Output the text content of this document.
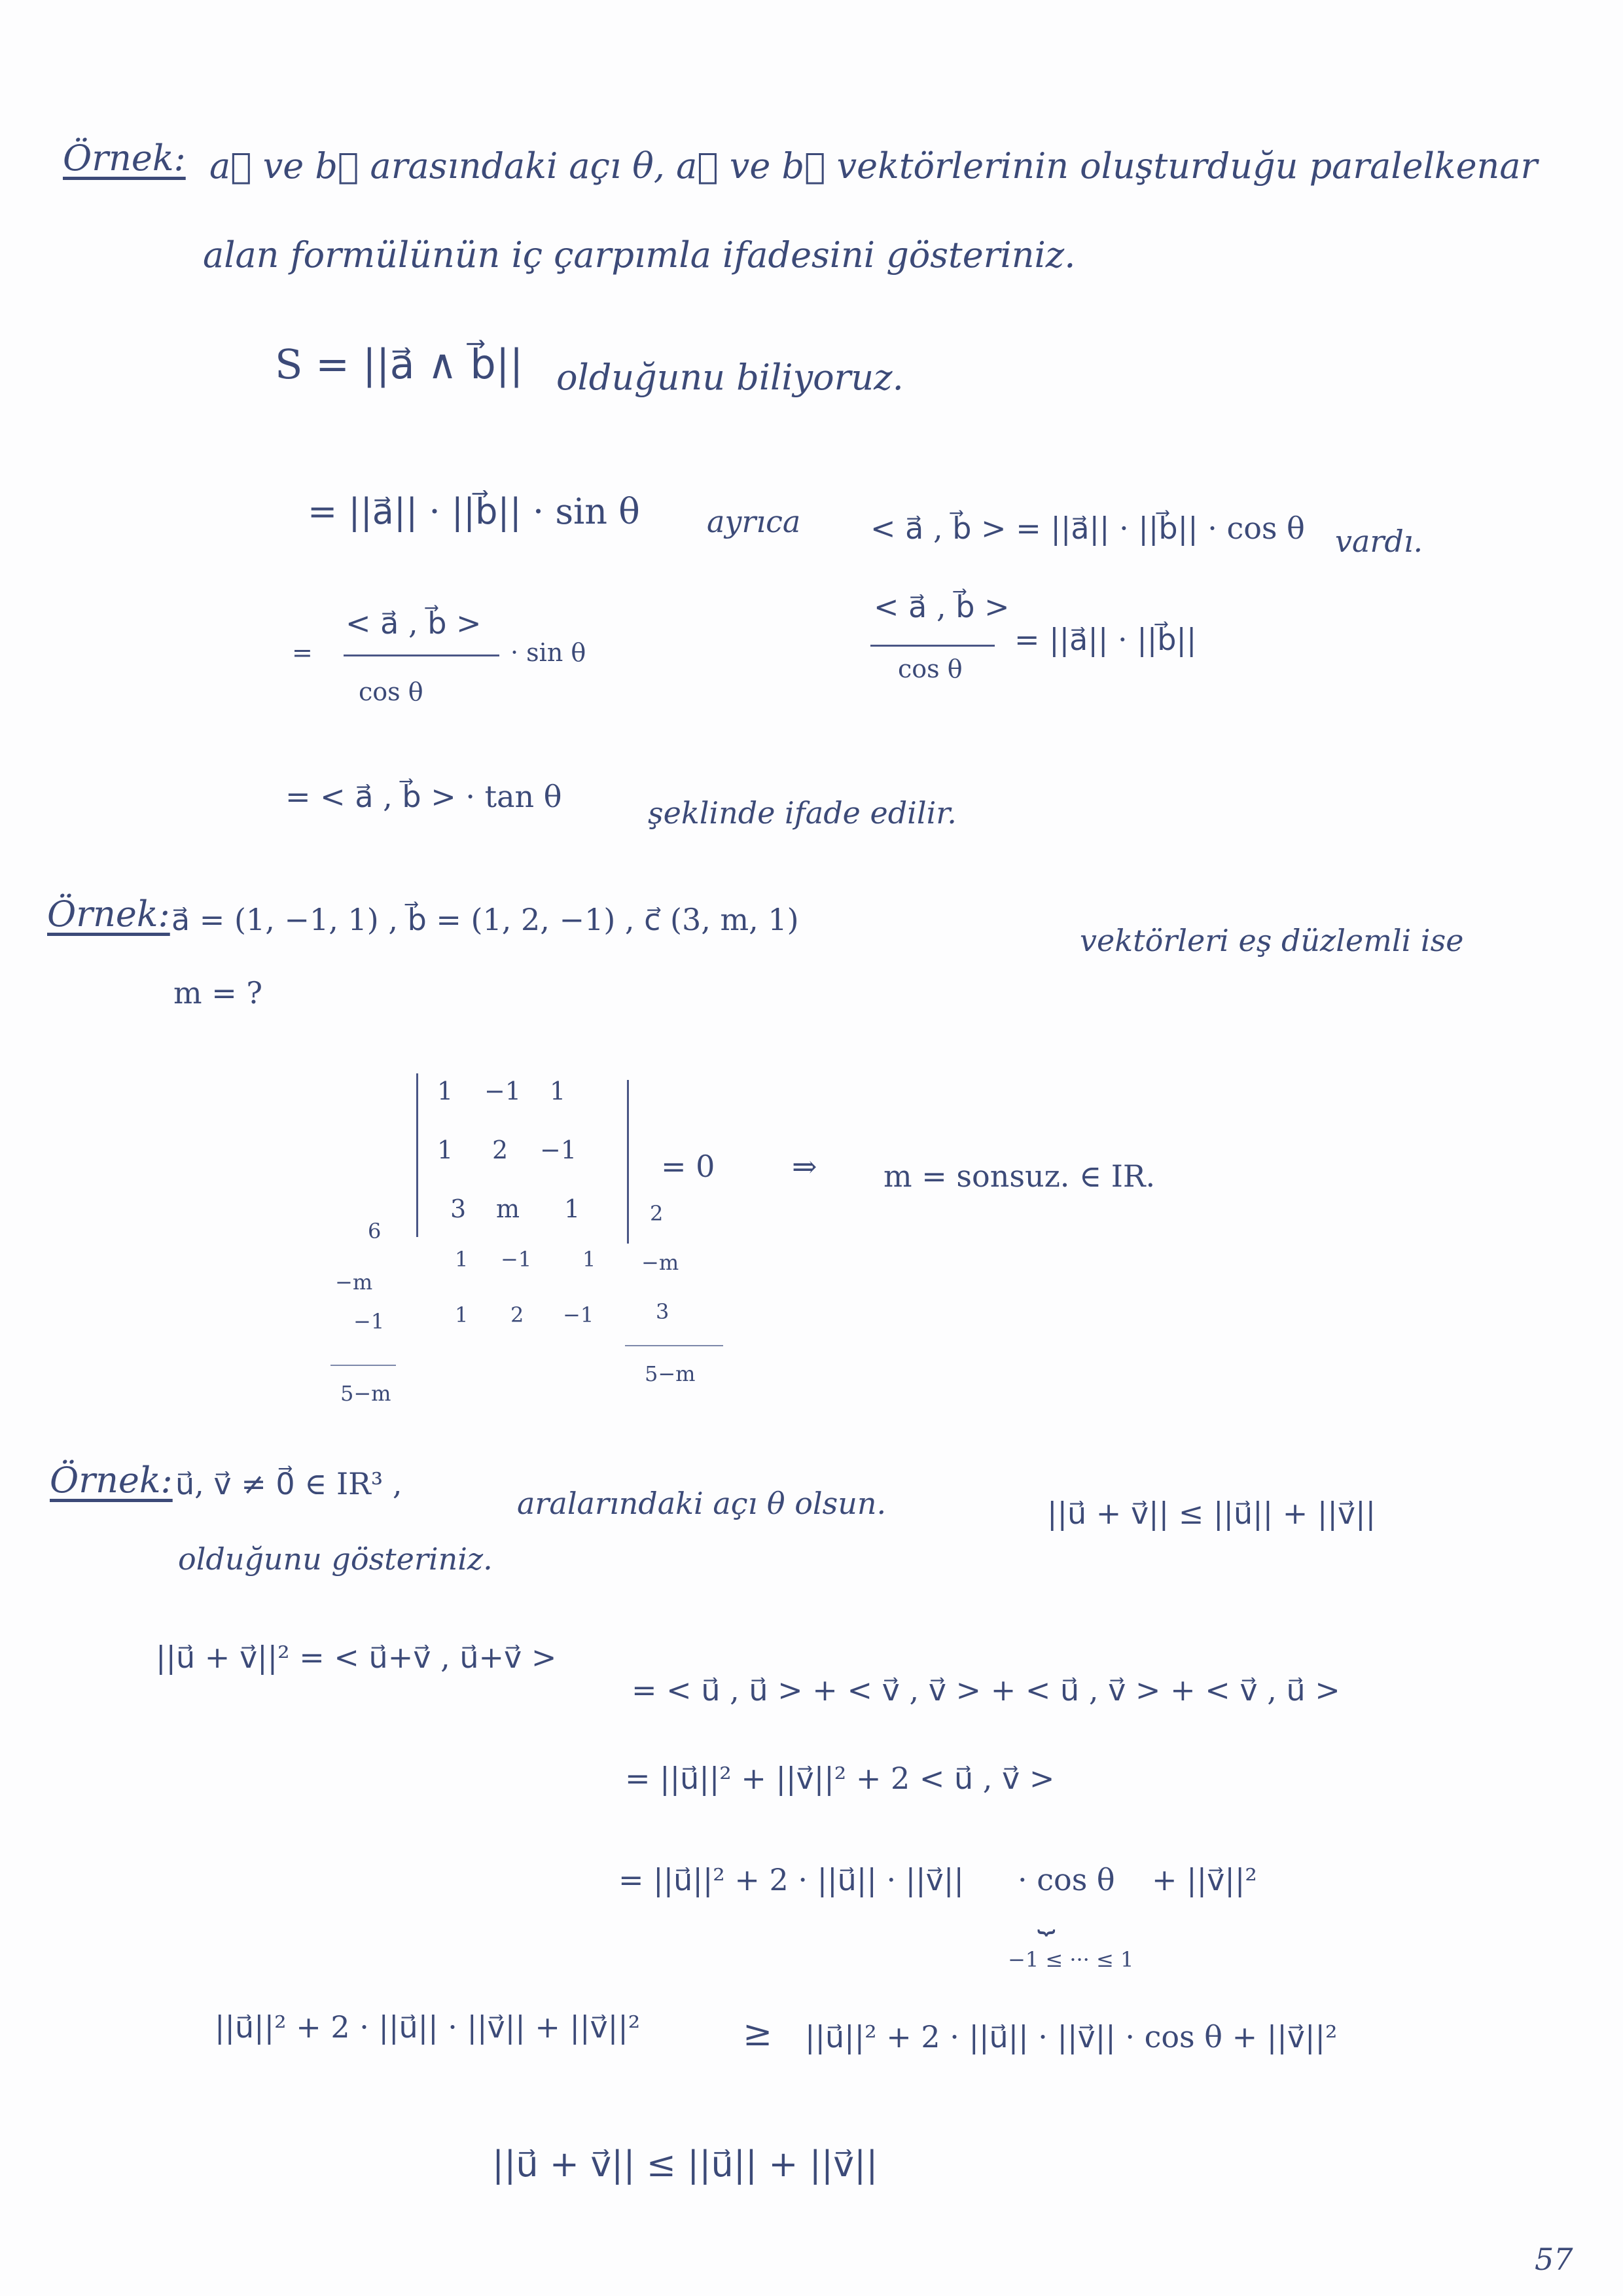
Örnek: a⃗ ve b⃗ arasındaki açı θ, a⃗ ve b⃗ vektörlerinin oluşturduğu paralelkenar
alan formülünün iç çarpımla ifadesini gösteriniz.
S = ||a⃗ ∧ b⃗|| olduğunu biliyoruz.
= ||a⃗|| · ||b⃗|| · sin θ ayrıca < a⃗ , b⃗ > = ||a⃗|| · ||b⃗|| · cos θ vardı.
=
< a⃗ , b⃗ >
cos θ
· sin θ
< a⃗ , b⃗ >
cos θ
= ||a⃗|| · ||b⃗||
= < a⃗ , b⃗ > · tan θ	şeklinde ifade edilir.
Örnek: a⃗ = (1, −1, 1) , b⃗ = (1, 2, −1) , c⃗ (3, m, 1)
vektörleri eş düzlemli ise
m = ?
1 −1 1
1 2 −1
3 m 1
= 0	⇒ m = sonsuz. ∈ IR.
6
−m
−1
5−m
1 −1 1
1 2 −1
2
−m
3
5−m
Örnek: u⃗, v⃗ ≠ 0⃗ ∈ IR³ ,
aralarındaki açı θ olsun.	||u⃗ + v⃗|| ≤ ||u⃗|| + ||v⃗||
olduğunu gösteriniz.
||u⃗ + v⃗||² = < u⃗+v⃗ , u⃗+v⃗ >
= < u⃗ , u⃗ > + < v⃗ , v⃗ > + < u⃗ , v⃗ > + < v⃗ , u⃗ >
= ||u⃗||² + ||v⃗||² + 2 < u⃗ , v⃗ >
= ||u⃗||² + 2 · ||u⃗|| · ||v⃗|| · cos θ + ||v⃗||²
⏟
−1 ≤ ··· ≤ 1
||u⃗||² + 2 · ||u⃗|| · ||v⃗|| + ||v⃗||²	≥ ||u⃗||² + 2 · ||u⃗|| · ||v⃗|| · cos θ + ||v⃗||²
||u⃗ + v⃗|| ≤ ||u⃗|| + ||v⃗||
57
